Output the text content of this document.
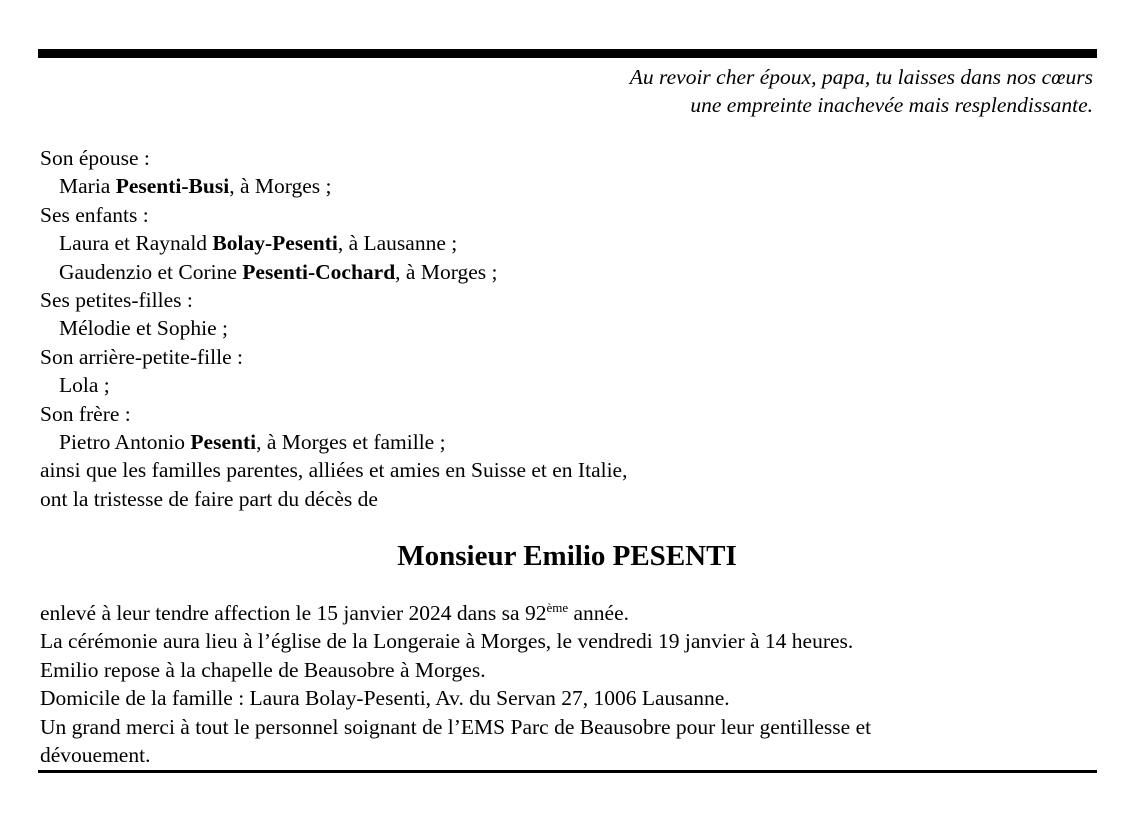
Au revoir cher époux, papa, tu laisses dans nos cœurs
une empreinte inachevée mais resplendissante.
Son épouse :
Maria Pesenti-Busi, à Morges ;
Ses enfants :
Laura et Raynald Bolay-Pesenti, à Lausanne ;
Gaudenzio et Corine Pesenti-Cochard, à Morges ;
Ses petites-filles :
Mélodie et Sophie ;
Son arrière-petite-fille :
Lola ;
Son frère :
Pietro Antonio Pesenti, à Morges et famille ;
ainsi que les familles parentes, alliées et amies en Suisse et en Italie,
ont la tristesse de faire part du décès de
Monsieur Emilio PESENTI
enlevé à leur tendre affection le 15 janvier 2024 dans sa 92ème année.
La cérémonie aura lieu à l’église de la Longeraie à Morges, le vendredi 19 janvier à 14 heures.
Emilio repose à la chapelle de Beausobre à Morges.
Domicile de la famille : Laura Bolay-Pesenti, Av. du Servan 27, 1006 Lausanne.
Un grand merci à tout le personnel soignant de l’EMS Parc de Beausobre pour leur gentillesse et
dévouement.
